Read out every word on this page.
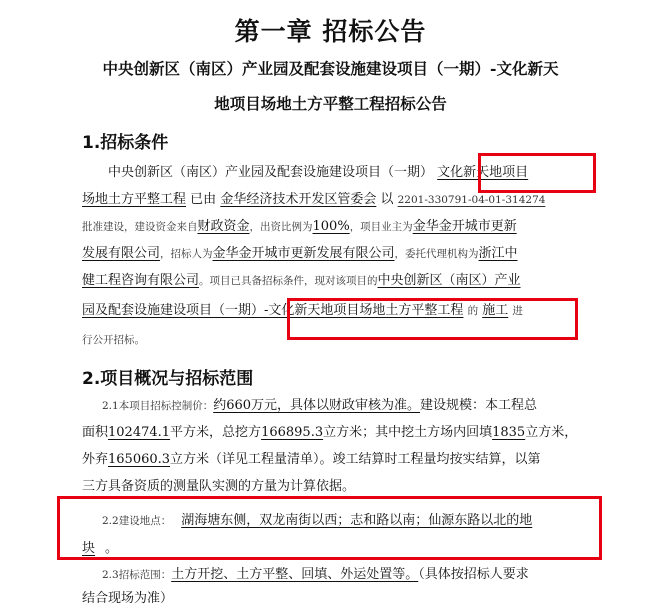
第一章 招标公告
中央创新区（南区）产业园及配套设施建设项目（一期）-文化新天
地项目场地土方平整工程招标公告
1.招标条件
中央创新区（南区）产业园及配套设施建设项目（一期） 文化新天地项目
场地土方平整工程 已由 金华经济技术开发区管委会 以 2201-330791-04-01-314274
批准建设，建设资金来自财政资金，出资比例为100%，项目业主为金华金开城市更新
发展有限公司，招标人为金华金开城市更新发展有限公司，委托代理机构为浙江中
健工程咨询有限公司。项目已具备招标条件，现对该项目的中央创新区（南区）产业
园及配套设施建设项目（一期）-文化新天地项目场地土方平整工程 的 施工 进
行公开招标。
2.项目概况与招标范围
2.1本项目招标控制价：约660万元，具体以财政审核为准。建设规模：本工程总
面积102474.1平方米，总挖方166895.3立方米；其中挖土方场内回填1835立方米，
外弃165060.3立方米（详见工程量清单）。竣工结算时工程量均按实结算，以第
三方具备资质的测量队实测的方量为计算依据。
2.2建设地点： 湖海塘东侧，双龙南街以西；志和路以南；仙源东路以北的地
块 。
2.3招标范围：土方开挖、土方平整、回填、外运处置等。（具体按招标人要求
结合现场为准）
